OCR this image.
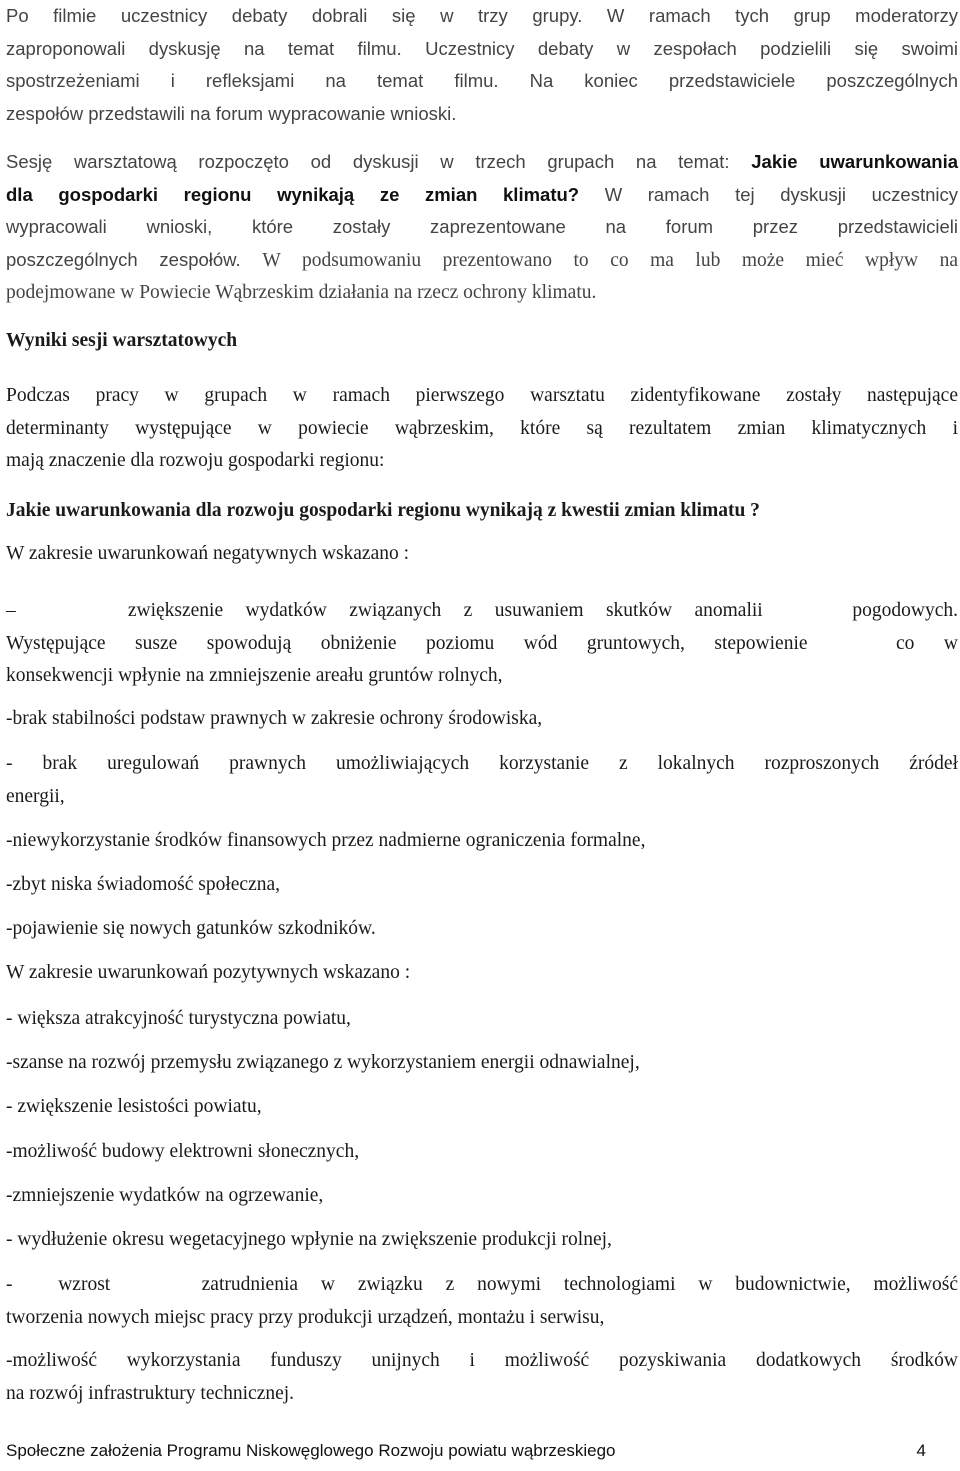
Po filmie uczestnicy debaty dobrali się w trzy grupy. W ramach tych grup moderatorzy

zaproponowali dyskusję na temat filmu. Uczestnicy debaty w zespołach podzielili się swoimi

spostrzeżeniami i refleksjami na temat filmu. Na koniec przedstawiciele poszczególnych

zespołów przedstawili na forum wypracowanie wnioski.

Sesję warsztatową rozpoczęto od dyskusji w trzech grupach na temat: Jakie uwarunkowania

dla gospodarki regionu wynikają ze zmian klimatu? W ramach tej dyskusji uczestnicy

wypracowali wnioski, które zostały zaprezentowane na forum przez przedstawicieli

poszczególnych zespołów. W podsumowaniu prezentowano to co ma lub może mieć wpływ na

podejmowane w Powiecie Wąbrzeskim działania na rzecz ochrony klimatu.

Wyniki sesji warsztatowych

Podczas pracy w grupach w ramach pierwszego warsztatu zidentyfikowane zostały następujące

determinanty występujące w powiecie wąbrzeskim, które są rezultatem zmian klimatycznych i

mają znaczenie dla rozwoju gospodarki regionu:

Jakie uwarunkowania dla rozwoju gospodarki regionu wynikają z kwestii zmian klimatu ?

W zakresie uwarunkowań negatywnych wskazano :

–     zwiększenie wydatków związanych z usuwaniem skutków anomalii    pogodowych.

Występujące susze spowodują obniżenie poziomu wód gruntowych, stepowienie   co w

konsekwencji wpłynie na zmniejszenie areału gruntów rolnych,

-brak stabilności podstaw prawnych w zakresie ochrony środowiska,

- brak uregulowań prawnych umożliwiających korzystanie z lokalnych rozproszonych źródeł

energii,

-niewykorzystanie środków finansowych przez nadmierne ograniczenia formalne,

-zbyt niska świadomość społeczna,

-pojawienie się nowych gatunków szkodników.

W zakresie uwarunkowań pozytywnych wskazano :

- większa atrakcyjność turystyczna powiatu,

-szanse na rozwój przemysłu związanego z wykorzystaniem energii odnawialnej,

- zwiększenie lesistości powiatu,

-możliwość budowy elektrowni słonecznych,

-zmniejszenie wydatków na ogrzewanie,

- wydłużenie okresu wegetacyjnego wpłynie na zwiększenie produkcji rolnej,

-  wzrost    zatrudnienia w związku z nowymi technologiami w budownictwie, możliwość

tworzenia nowych miejsc pracy przy produkcji urządzeń, montażu i serwisu,

-możliwość wykorzystania funduszy unijnych i możliwość pozyskiwania dodatkowych środków

na rozwój infrastruktury technicznej.

Społeczne założenia Programu Niskowęglowego Rozwoju powiatu wąbrzeskiego	4
